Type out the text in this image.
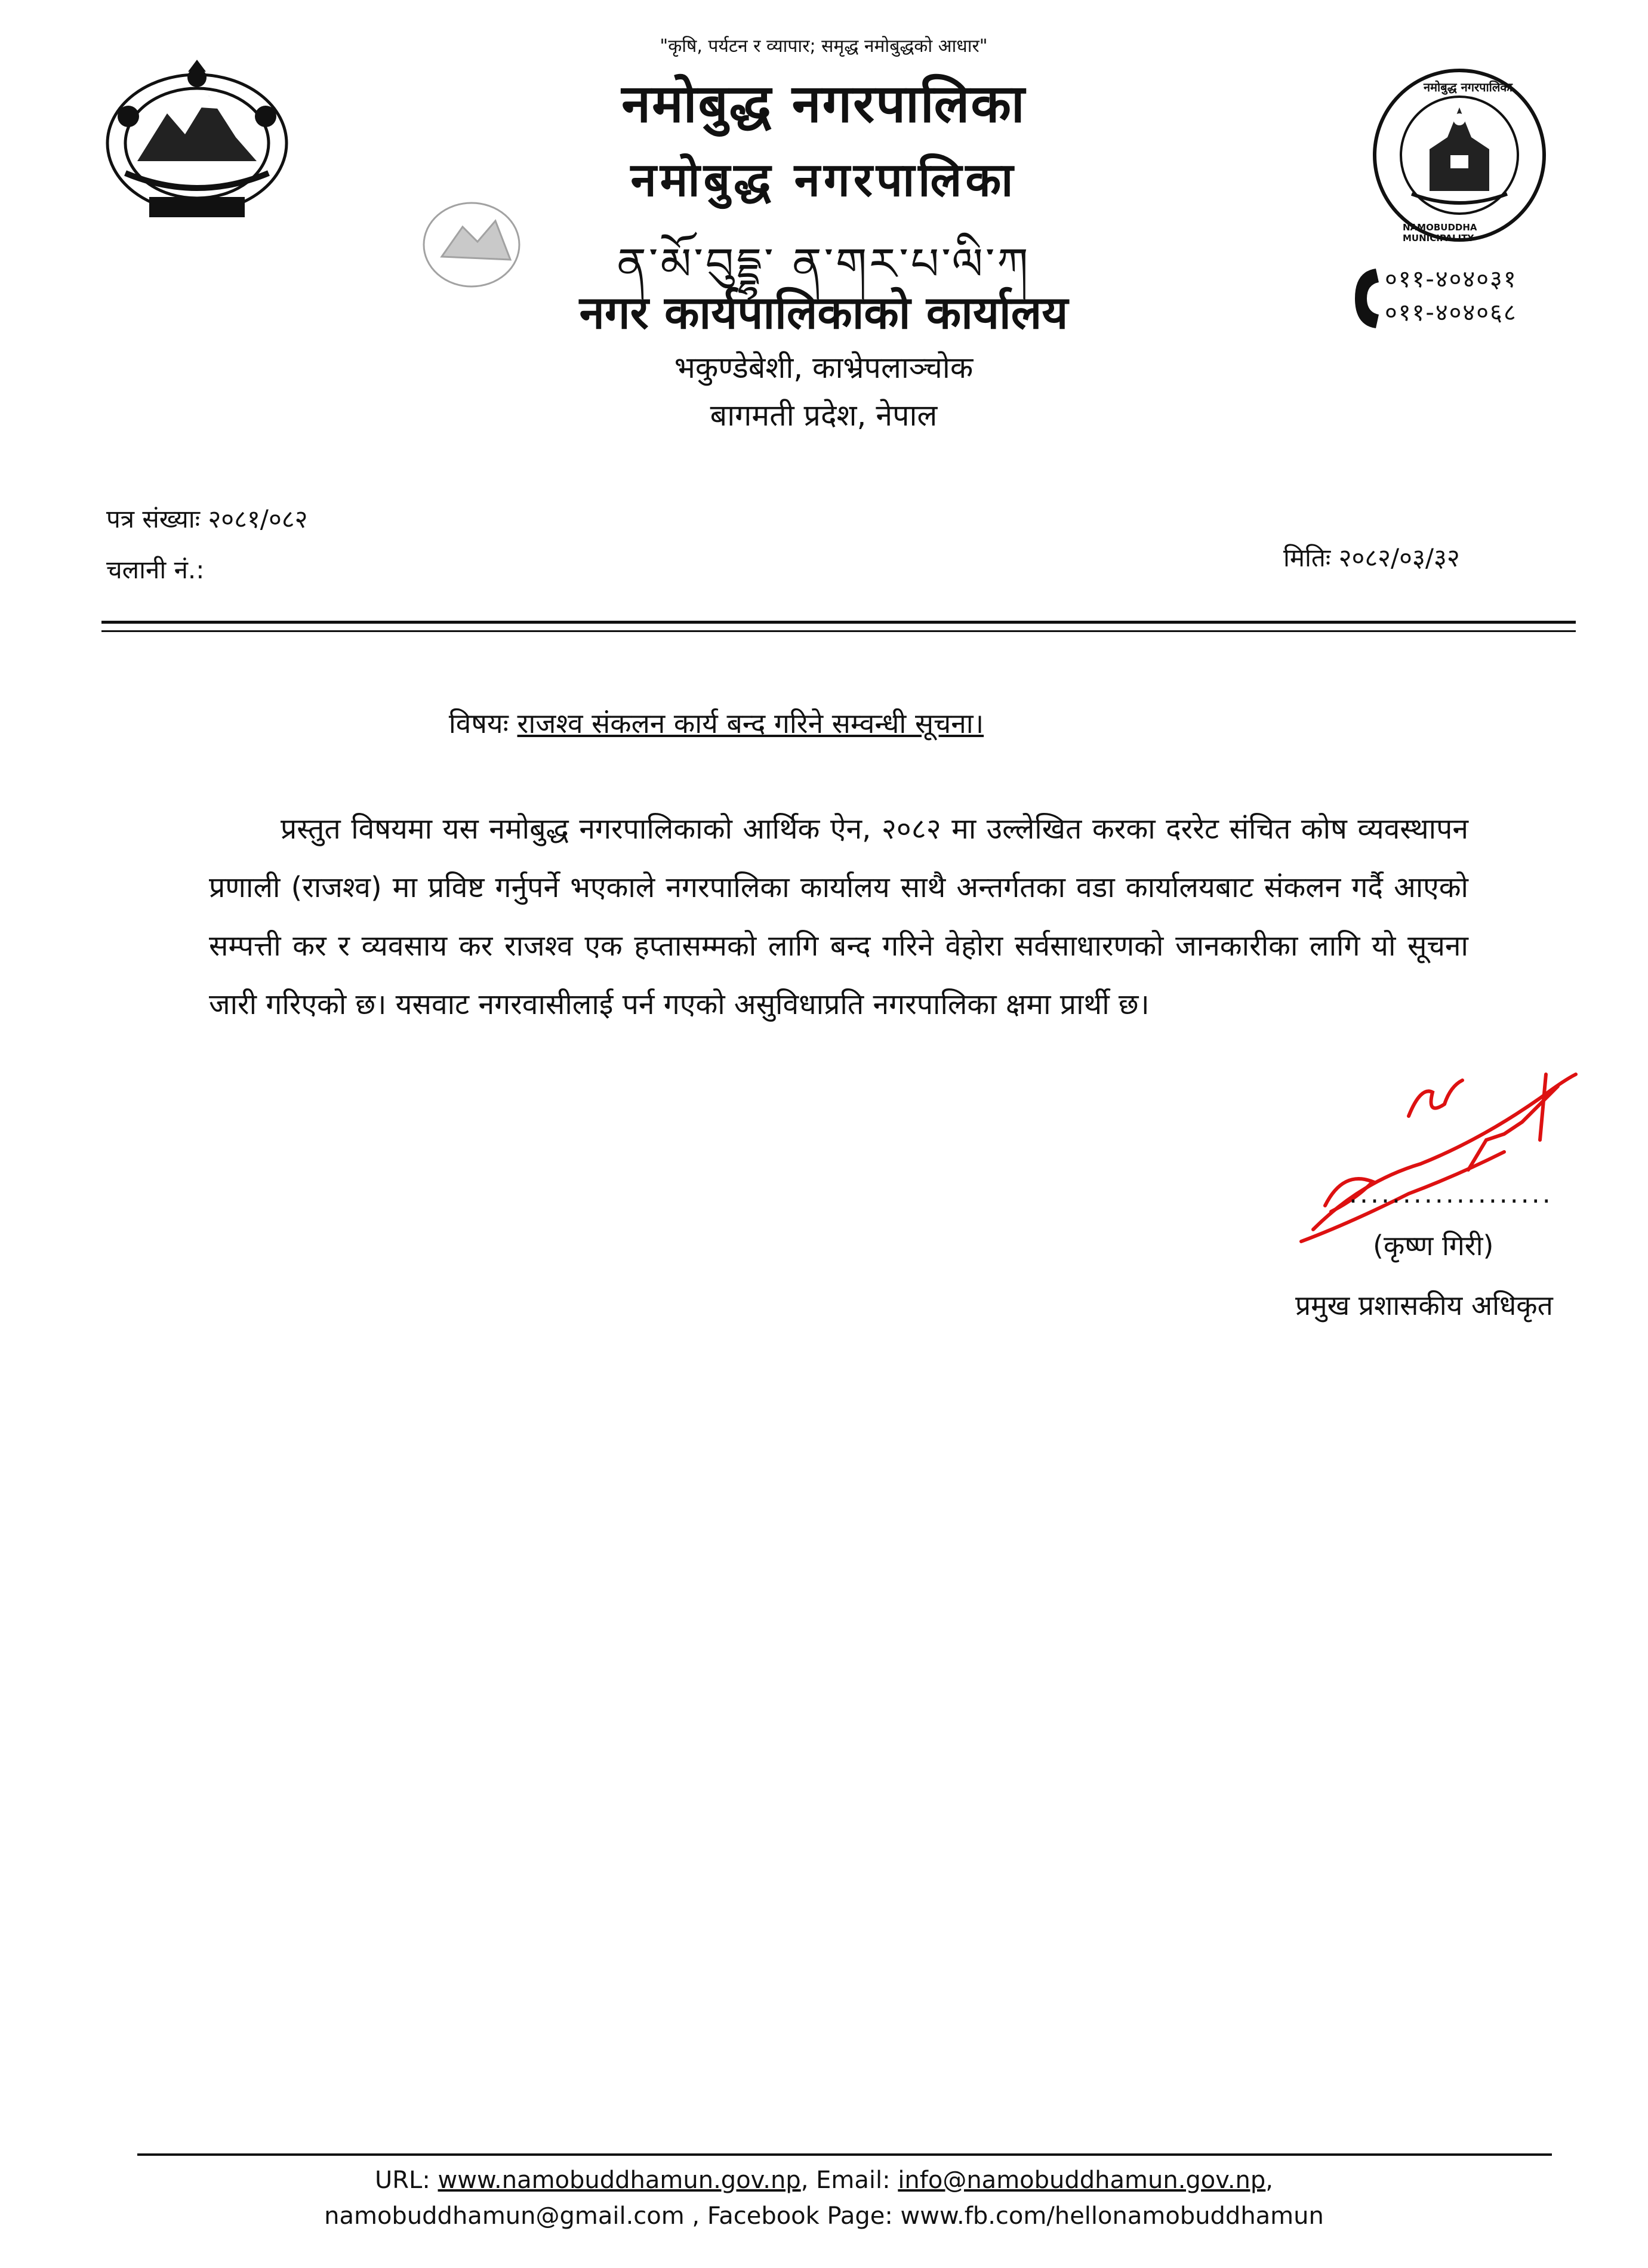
नमोबुद्ध नगरपालिका
NAMOBUDDHA MUNICIPALITY
"कृषि, पर्यटन र व्यापार; समृद्ध नमोबुद्धको आधार"
नमोबुद्ध नगरपालिका
नमोबुद्ध नगरपालिका
ན་མོ་བུདྡྷ་ ན་གར་པ་ལི་ཀ
नगर कार्यपालिकाको कार्यालय
भकुण्डेबेशी, काभ्रेपलाञ्चोक
बागमती प्रदेश, नेपाल
०११-४०४०३१
०११-४०४०६८
पत्र संख्याः २०८१/०८२
चलानी नं.:	मितिः २०८२/०३/३२
विषयः राजश्व संकलन कार्य बन्द गरिने सम्वन्धी सूचना।
प्रस्तुत विषयमा यस नमोबुद्ध नगरपालिकाको आर्थिक ऐन, २०८२ मा उल्लेखित करका दररेट संचित कोष व्यवस्थापन प्रणाली (राजश्व) मा प्रविष्ट गर्नुपर्ने भएकाले नगरपालिका कार्यालय साथै अन्तर्गतका वडा कार्यालयबाट संकलन गर्दै आएको सम्पत्ती कर र व्यवसाय कर राजश्व एक हप्तासम्मको लागि बन्द गरिने वेहोरा सर्वसाधारणको जानकारीका लागि यो सूचना जारी गरिएको छ। यसवाट नगरवासीलाई पर्न गएको असुविधाप्रति नगरपालिका क्षमा प्रार्थी छ।
...................
(कृष्ण गिरी)
प्रमुख प्रशासकीय अधिकृत
URL: www.namobuddhamun.gov.np, Email: info@namobuddhamun.gov.np,
namobuddhamun@gmail.com , Facebook Page: www.fb.com/hellonamobuddhamun
